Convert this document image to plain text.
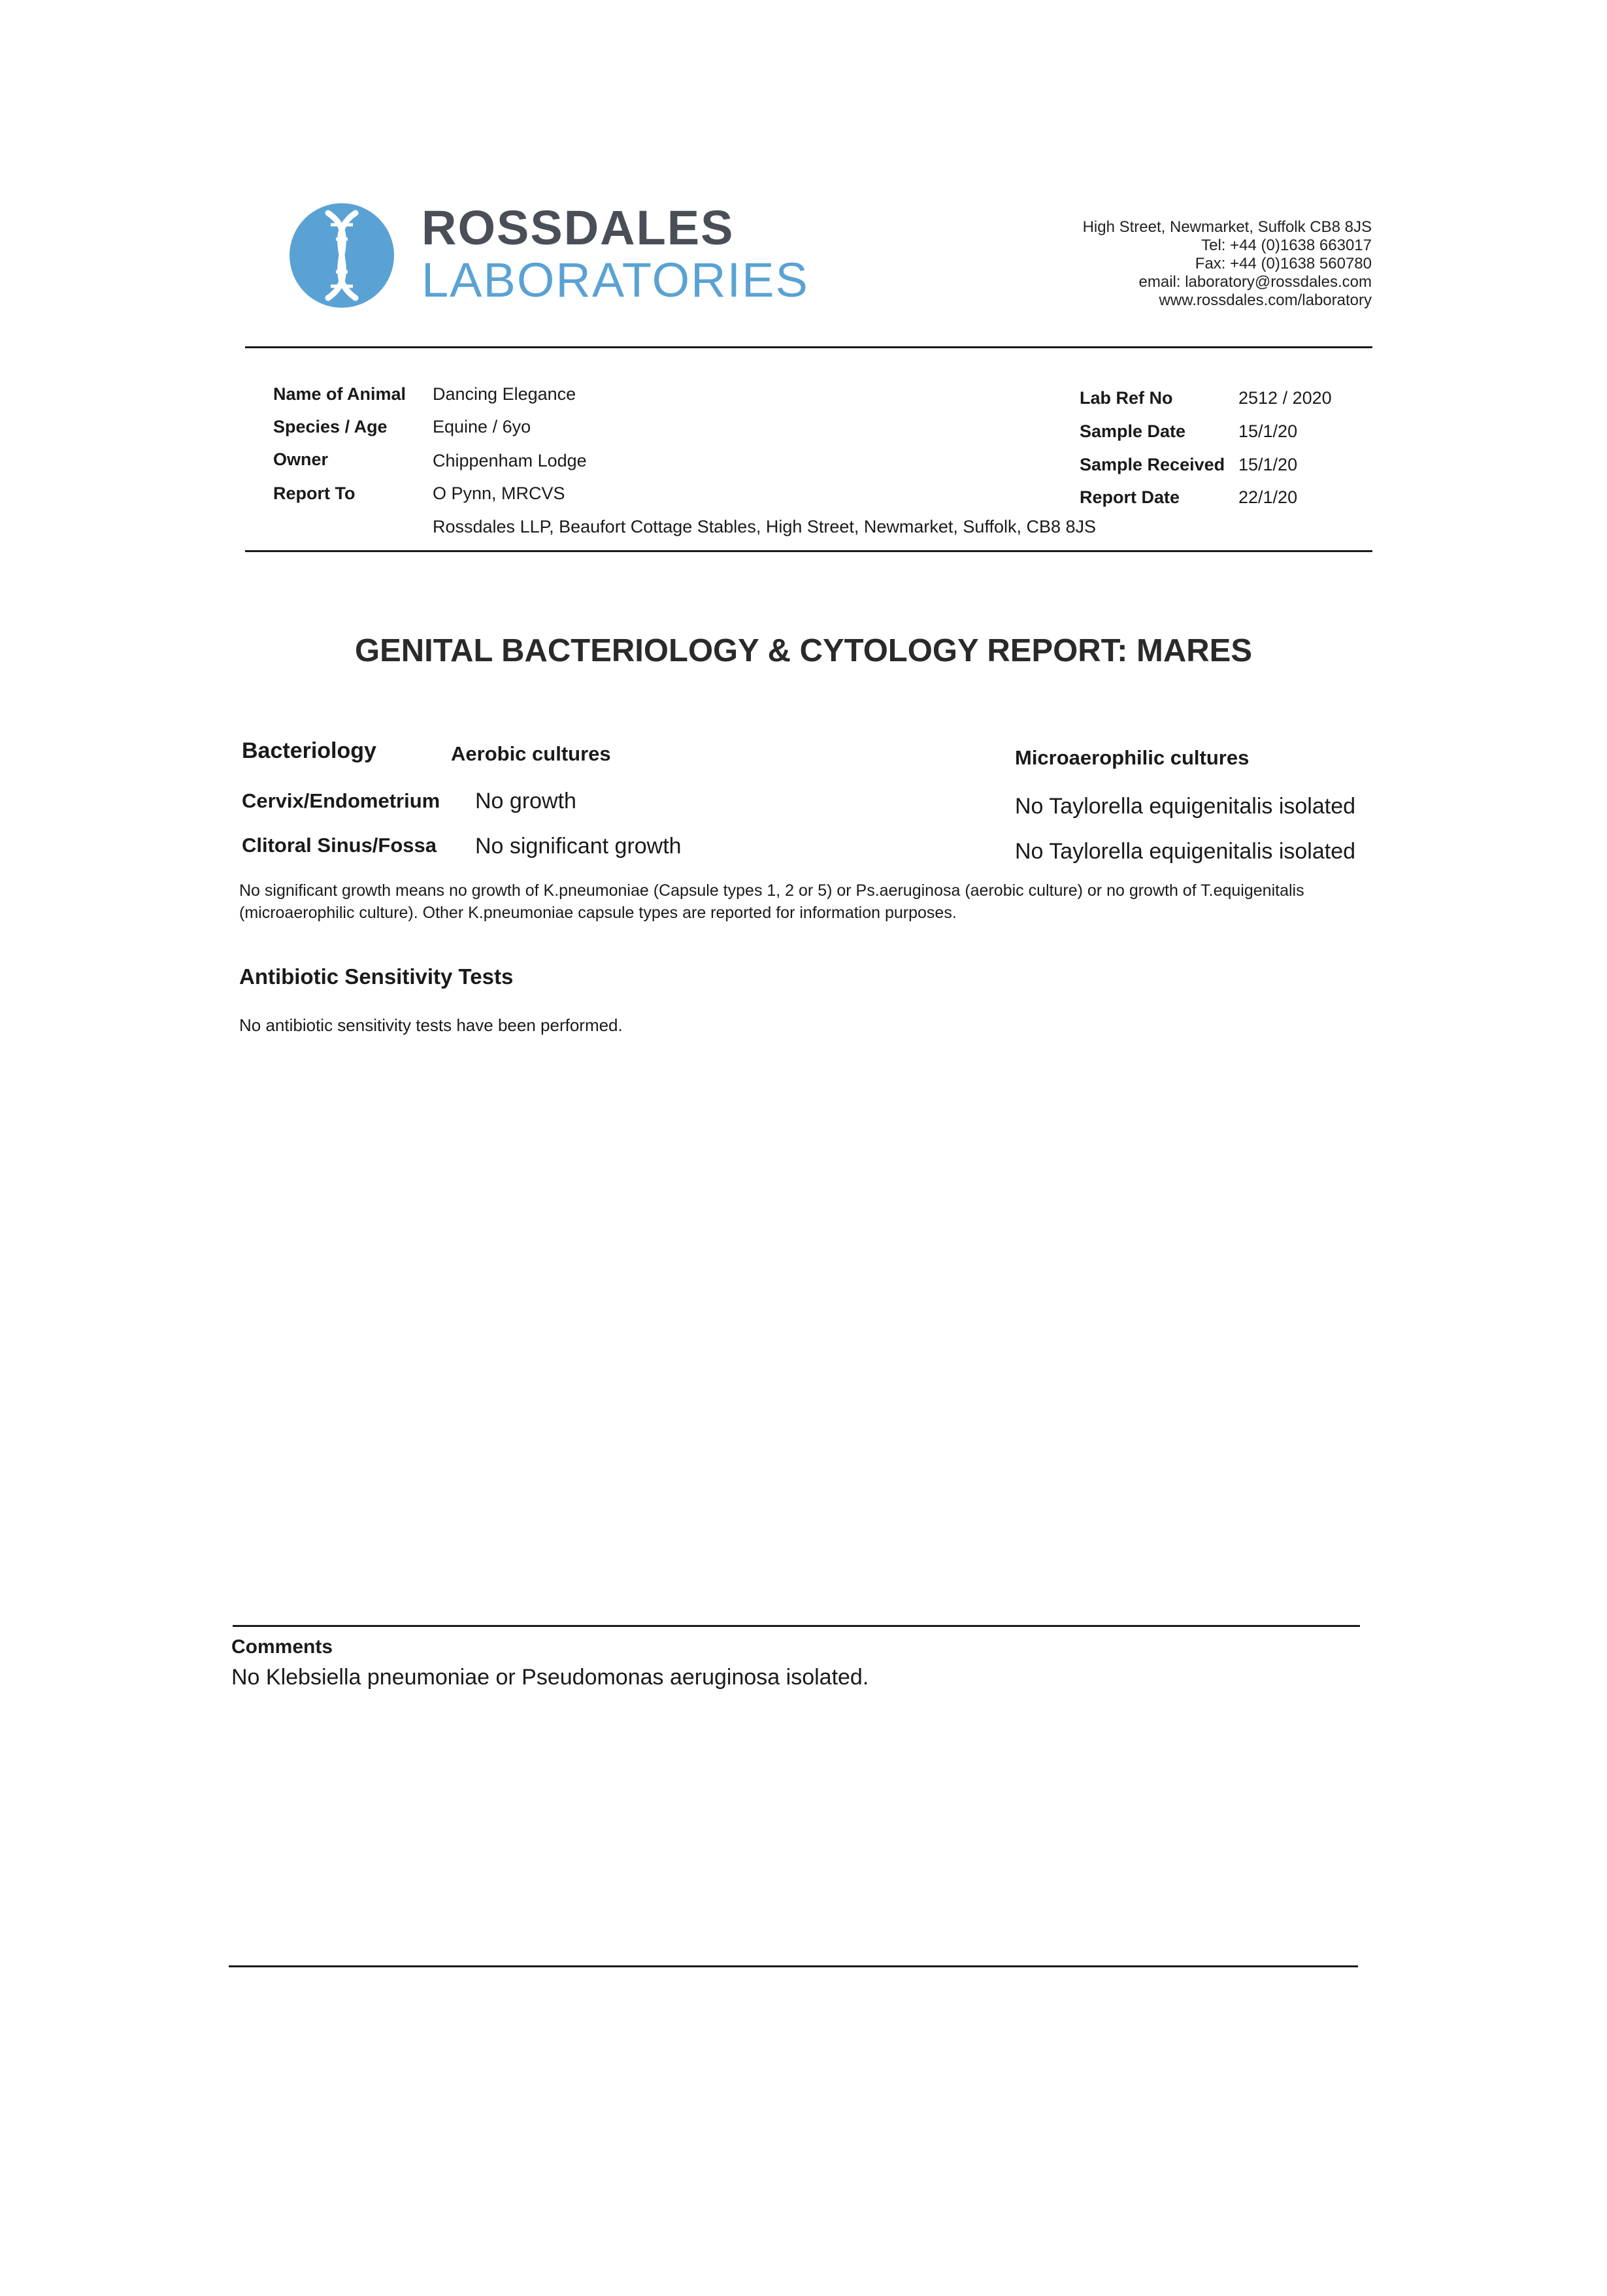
ROSSDALES
LABORATORIES
High Street, Newmarket, Suffolk CB8 8JS
Tel: +44 (0)1638 663017
Fax: +44 (0)1638 560780
email: laboratory@rossdales.com
www.rossdales.com/laboratory
Name of Animal Dancing Elegance
Species / Age	Equine / 6yo
Owner	Chippenham Lodge
Report To	O Pynn, MRCVS
Rossdales LLP, Beaufort Cottage Stables, High Street, Newmarket, Suffolk, CB8 8JS
Lab Ref No	2512 / 2020
Sample Date	15/1/20
Sample Received 15/1/20
Report Date	22/1/20
GENITAL BACTERIOLOGY & CYTOLOGY REPORT: MARES
Bacteriology	Aerobic cultures	Microaerophilic cultures
Cervix/Endometrium No growth	No Taylorella equigenitalis isolated
Clitoral Sinus/Fossa No significant growth	No Taylorella equigenitalis isolated
No significant growth means no growth of K.pneumoniae (Capsule types 1, 2 or 5) or Ps.aeruginosa (aerobic culture) or no growth of T.equigenitalis (microaerophilic culture). Other K.pneumoniae capsule types are reported for information purposes.
Antibiotic Sensitivity Tests
No antibiotic sensitivity tests have been performed.
Comments
No Klebsiella pneumoniae or Pseudomonas aeruginosa isolated.
